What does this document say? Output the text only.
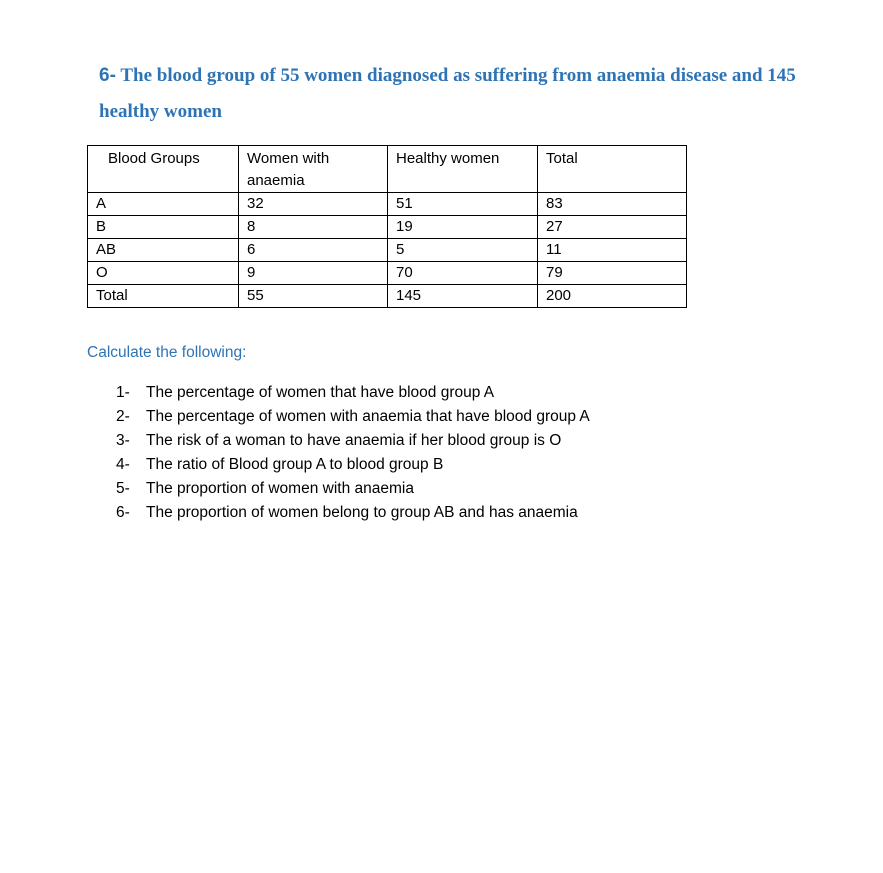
6- The blood group of 55 women diagnosed as suffering from anaemia disease and 145 healthy women
Blood Groups	Women with anaemia	Healthy women	Total
A	32	51	83
B	8	19	27
AB	6	5	11
O	9	70	79
Total	55	145	200
Calculate the following:
1-	The percentage of women that have blood group A
2-	The percentage of women with anaemia that have blood group A
3-	The risk of a woman to have anaemia if her blood group is O
4-	The ratio of Blood group A to blood group B
5-	The proportion of women with anaemia
6-	The proportion of women belong to group AB and has anaemia
